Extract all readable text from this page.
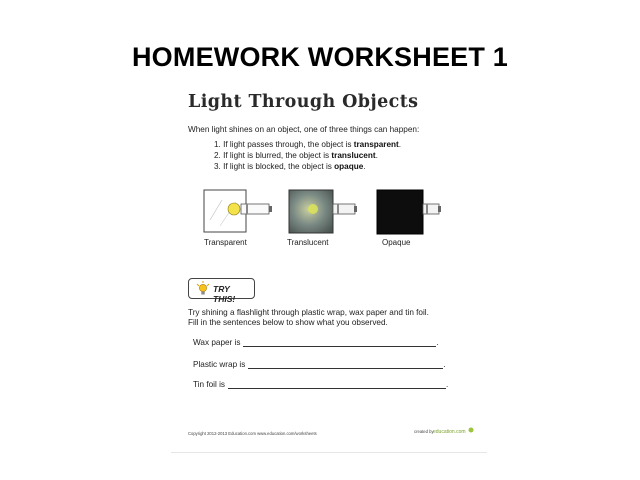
HOMEWORK WORKSHEET 1
Light Through Objects
When light shines on an object, one of three things can happen:
1. If light passes through, the object is transparent.
2. If light is blurred, the object is translucent.
3. If light is blocked, the object is opaque.
Transparent	Translucent	Opaque
TRY THIS!
Try shining a flashlight through plastic wrap, wax paper and tin foil.
Fill in the sentences below to show what you observed.
Wax paper is	.
Plastic wrap is	.
Tin foil is	.
Copyright 2012-2013 Education.com www.education.com/worksheets	created by education.com
